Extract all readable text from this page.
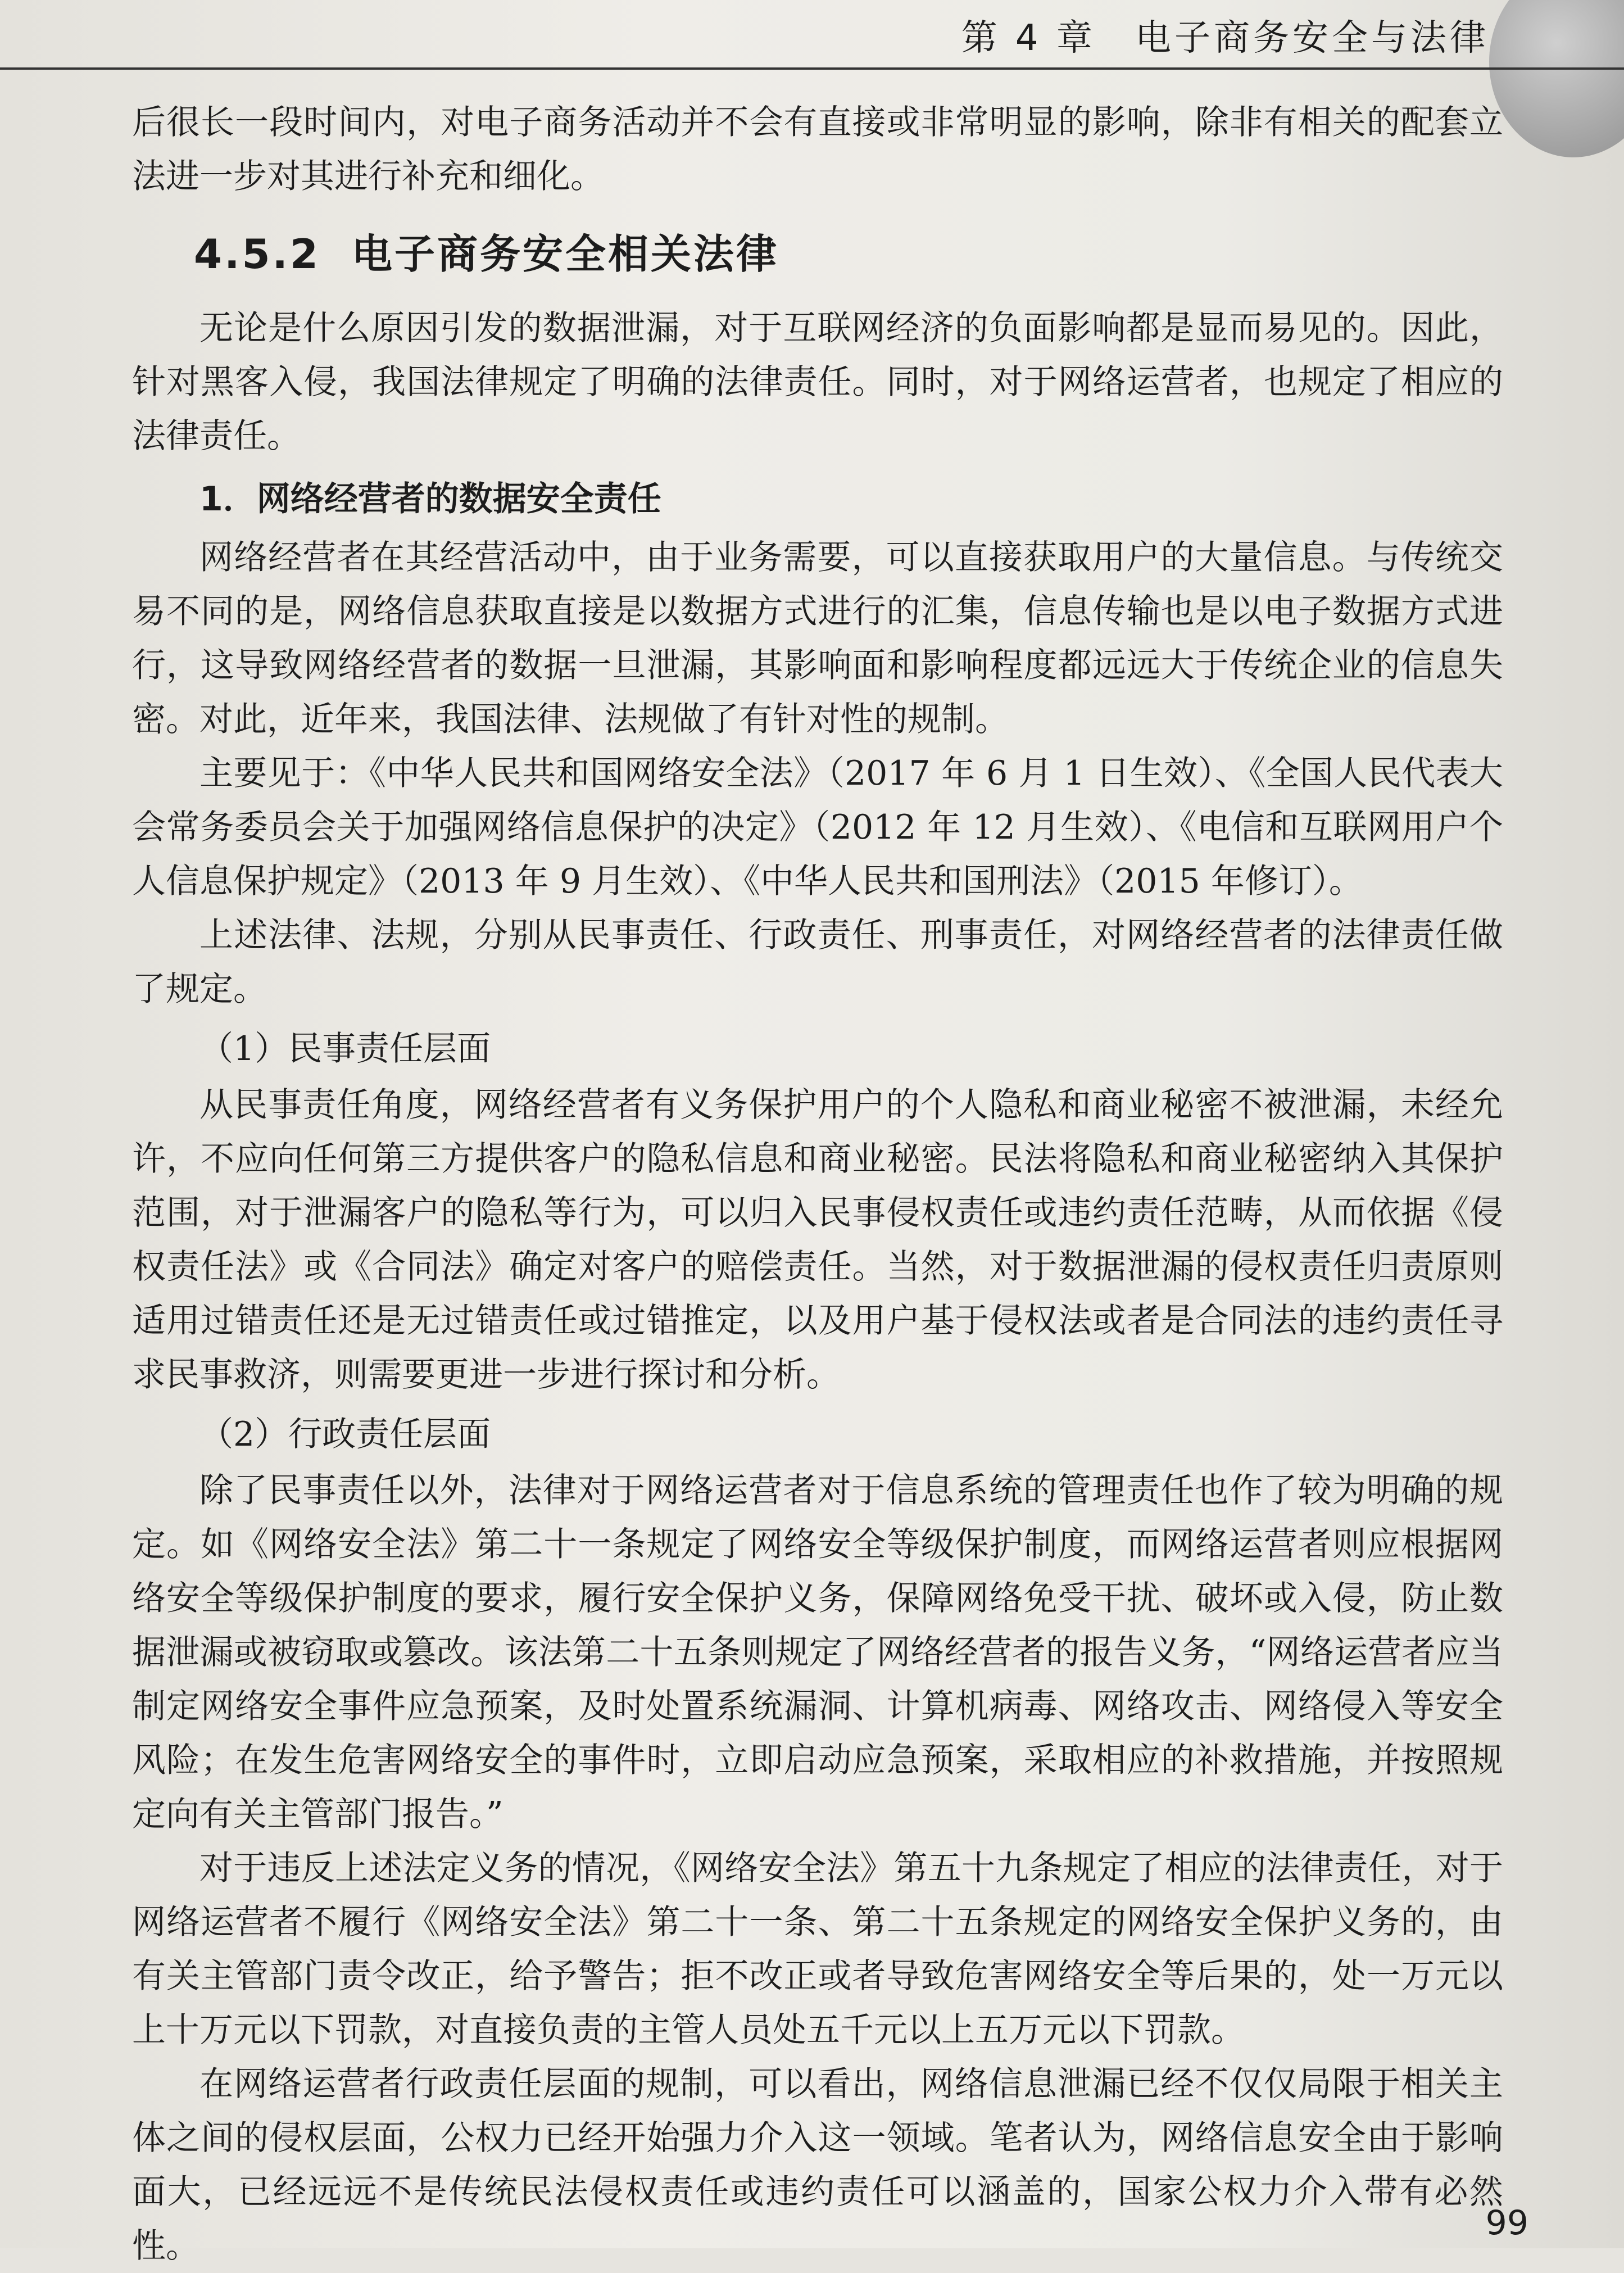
第 4 章　电子商务安全与法律

后很长一段时间内，对电子商务活动并不会有直接或非常明显的影响，除非有相关的配套立法进一步对其进行补充和细化。

4.5.2 电子商务安全相关法律

无论是什么原因引发的数据泄漏，对于互联网经济的负面影响都是显而易见的。因此，针对黑客入侵，我国法律规定了明确的法律责任。同时，对于网络运营者，也规定了相应的法律责任。

1．网络经营者的数据安全责任

网络经营者在其经营活动中，由于业务需要，可以直接获取用户的大量信息。与传统交易不同的是，网络信息获取直接是以数据方式进行的汇集，信息传输也是以电子数据方式进行，这导致网络经营者的数据一旦泄漏，其影响面和影响程度都远远大于传统企业的信息失密。对此，近年来，我国法律、法规做了有针对性的规制。

主要见于：《中华人民共和国网络安全法》（2017 年 6 月 1 日生效）、《全国人民代表大会常务委员会关于加强网络信息保护的决定》（2012 年 12 月生效）、《电信和互联网用户个人信息保护规定》（2013 年 9 月生效）、《中华人民共和国刑法》（2015 年修订）。

上述法律、法规，分别从民事责任、行政责任、刑事责任，对网络经营者的法律责任做了规定。

（1）民事责任层面

从民事责任角度，网络经营者有义务保护用户的个人隐私和商业秘密不被泄漏，未经允许，不应向任何第三方提供客户的隐私信息和商业秘密。民法将隐私和商业秘密纳入其保护范围，对于泄漏客户的隐私等行为，可以归入民事侵权责任或违约责任范畴，从而依据《侵权责任法》或《合同法》确定对客户的赔偿责任。当然，对于数据泄漏的侵权责任归责原则适用过错责任还是无过错责任或过错推定，以及用户基于侵权法或者是合同法的违约责任寻求民事救济，则需要更进一步进行探讨和分析。

（2）行政责任层面

除了民事责任以外，法律对于网络运营者对于信息系统的管理责任也作了较为明确的规定。如《网络安全法》第二十一条规定了网络安全等级保护制度，而网络运营者则应根据网络安全等级保护制度的要求，履行安全保护义务，保障网络免受干扰、破坏或入侵，防止数据泄漏或被窃取或篡改。该法第二十五条则规定了网络经营者的报告义务，“网络运营者应当制定网络安全事件应急预案，及时处置系统漏洞、计算机病毒、网络攻击、网络侵入等安全风险；在发生危害网络安全的事件时，立即启动应急预案，采取相应的补救措施，并按照规定向有关主管部门报告。”

对于违反上述法定义务的情况，《网络安全法》第五十九条规定了相应的法律责任，对于网络运营者不履行《网络安全法》第二十一条、第二十五条规定的网络安全保护义务的，由有关主管部门责令改正，给予警告；拒不改正或者导致危害网络安全等后果的，处一万元以上十万元以下罚款，对直接负责的主管人员处五千元以上五万元以下罚款。

在网络运营者行政责任层面的规制，可以看出，网络信息泄漏已经不仅仅局限于相关主体之间的侵权层面，公权力已经开始强力介入这一领域。笔者认为，网络信息安全由于影响面大，已经远远不是传统民法侵权责任或违约责任可以涵盖的，国家公权力介入带有必然性。

99
